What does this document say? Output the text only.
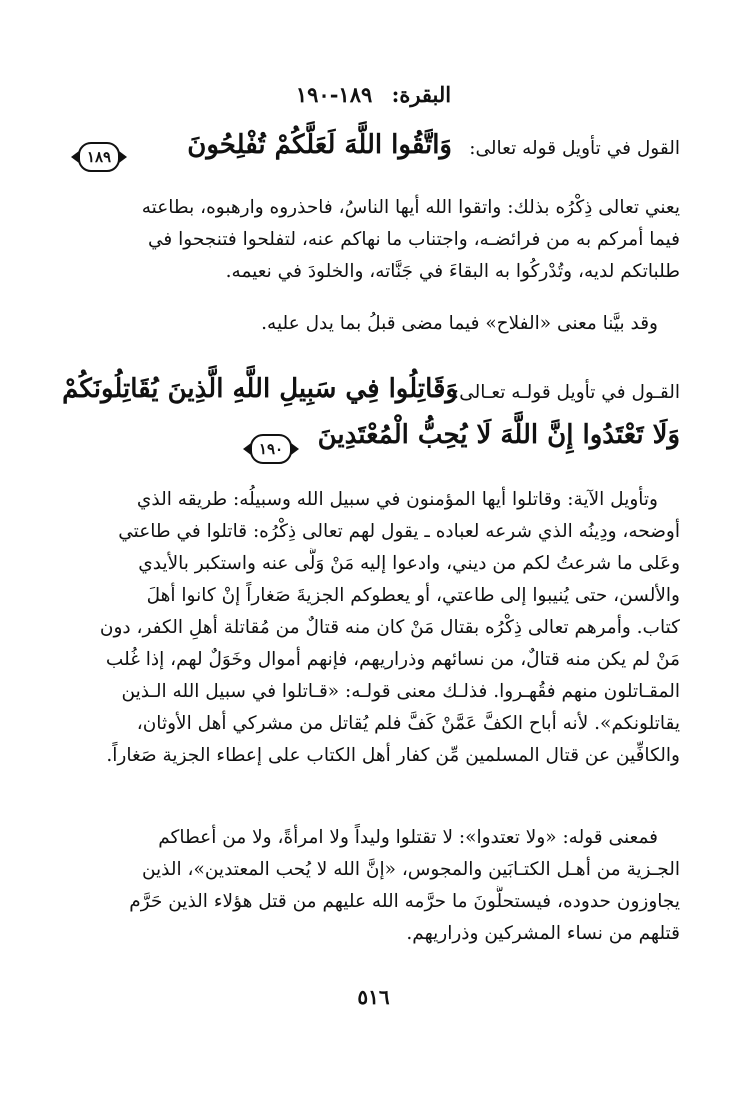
البقرة: ١٨٩-١٩٠
القول في تأويل قوله تعالى:
وَاتَّقُوا اللَّهَ لَعَلَّكُمْ تُفْلِحُونَ
١٨٩
يعني تعالى ذِكْرُه بذلك: واتقوا الله أيها الناسُ، فاحذروه وارهبوه، بطاعته
فيما أمركم به من فرائضـه، واجتناب ما نهاكم عنه، لتفلحوا فتنجحوا في
طلباتكم لديه، وتُدْركُوا به البقاءَ في جَنَّاته، والخلودَ في نعيمه.
وقد بيَّنا معنى «الفلاح» فيما مضى قبلُ بما يدل عليه.
القـول في تأويل قولـه تعـالى:
وَقَاتِلُوا فِي سَبِيلِ اللَّهِ الَّذِينَ يُقَاتِلُونَكُمْ
وَلَا تَعْتَدُوا إِنَّ اللَّهَ لَا يُحِبُّ الْمُعْتَدِينَ
١٩٠
وتأويل الآية: وقاتلوا أيها المؤمنون في سبيل الله وسبيلُه: طريقه الذي
أوضحه، ودِينُه الذي شرعه لعباده ـ يقول لهم تعالى ذِكْرُه: قاتلوا في طاعتي
وعَلى ما شرعتُ لكم من ديني، وادعوا إليه مَنْ وَلَّى عنه واستكبر بالأيدي
والألسن، حتى يُنيبوا إلى طاعتي، أو يعطوكم الجزيةَ صَغاراً إنْ كانوا أهلَ
كتاب. وأمرهم تعالى ذِكْرُه بقتال مَنْ كان منه قتالٌ من مُقاتلة أهلِ الكفر، دون
مَنْ لم يكن منه قتالٌ، من نسائهم وذراريهم، فإنهم أموال وخَوَلٌ لهم، إذا غُلب
المقـاتلون منهم فقُهـروا. فذلـك معنى قولـه: «قـاتلوا في سبيل الله الـذين
يقاتلونكم». لأنه أباح الكفَّ عَمَّنْ كَفَّ فلم يُقاتل من مشركي أهل الأوثان،
والكافِّين عن قتال المسلمين مِّن كفار أهل الكتاب على إعطاء الجزية صَغاراً.
فمعنى قوله: «ولا تعتدوا»: لا تقتلوا وليداً ولا امرأةً، ولا من أعطاكم
الجـزية من أهـل الكتـابَين والمجوس، «إنَّ الله لا يُحب المعتدين»، الذين
يجاوزون حدوده، فيستحلُّونَ ما حرَّمه الله عليهم من قتل هؤلاء الذين حَرَّم
قتلهم من نساء المشركين وذراريهم.
٥١٦
